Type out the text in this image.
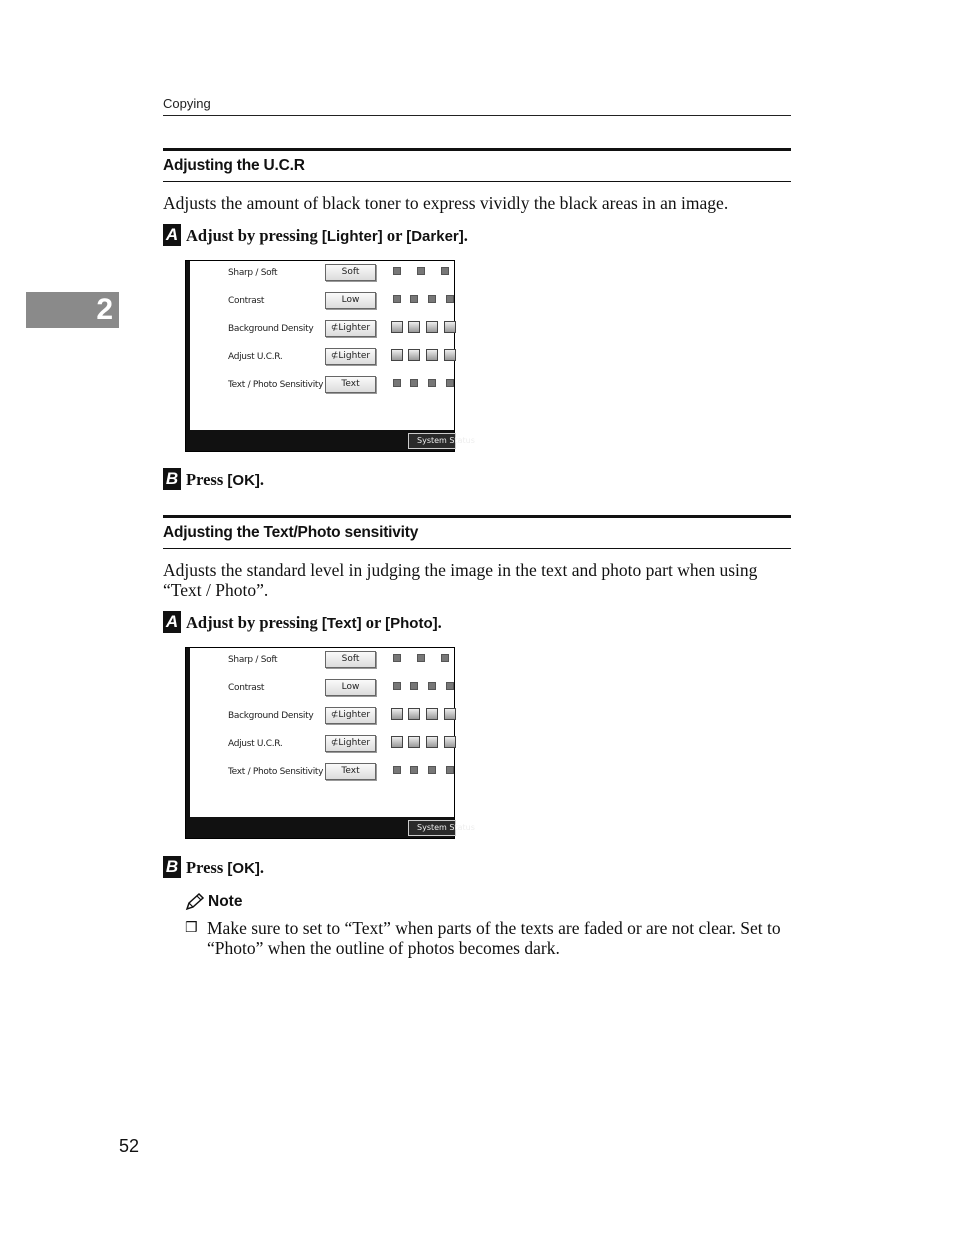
Copying
2
Adjusting the U.C.R
Adjusts the amount of black toner to express vividly the black areas in an image.
A Adjust by pressing [Lighter] or [Darker].
Sharp / Soft	Soft
Contrast	Low
Background Density	⊄Lighter
Adjust U.C.R.	⊄Lighter
Text / Photo Sensitivity	Text
System Status
B Press [OK].
Adjusting the Text/Photo sensitivity
Adjusts the standard level in judging the image in the text and photo part when using “Text / Photo”.
A Adjust by pressing [Text] or [Photo].
Sharp / Soft	Soft
Contrast	Low
Background Density	⊄Lighter
Adjust U.C.R.	⊄Lighter
Text / Photo Sensitivity	Text
System Status
B Press [OK].
Note
❒ Make sure to set to “Text” when parts of the texts are faded or are not clear. Set to “Photo” when the outline of photos becomes dark.
52
